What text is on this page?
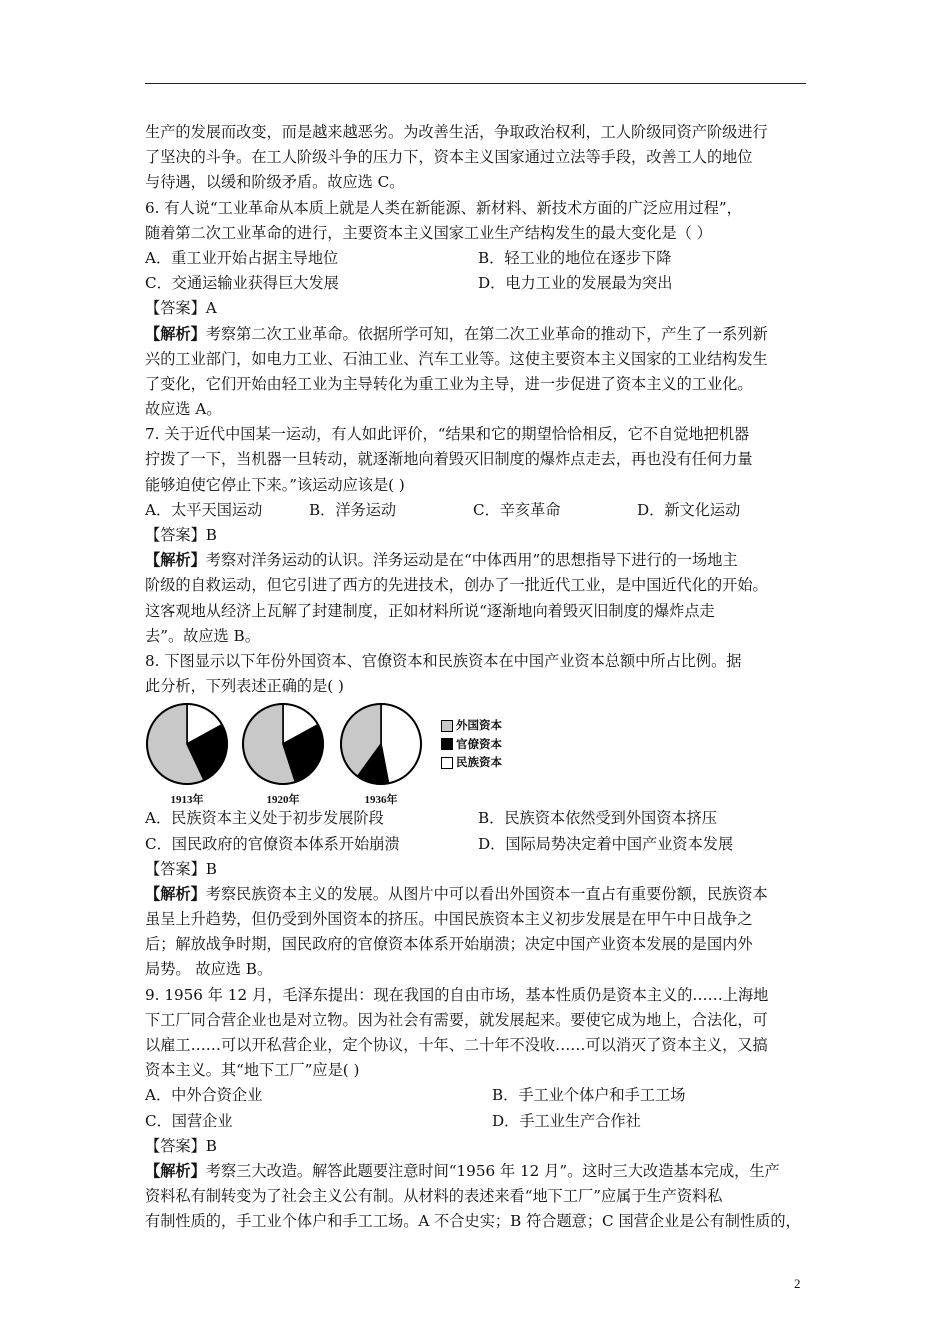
生产的发展而改变，而是越来越恶劣。为改善生活，争取政治权利，工人阶级同资产阶级进行
了坚决的斗争。在工人阶级斗争的压力下，资本主义国家通过立法等手段，改善工人的地位
与待遇，以缓和阶级矛盾。故应选 C。
6. 有人说“工业革命从本质上就是人类在新能源、新材料、新技术方面的广泛应用过程”，
随着第二次工业革命的进行，主要资本主义国家工业生产结构发生的最大变化是（ ）
A．重工业开始占据主导地位	B．轻工业的地位在逐步下降
C．交通运输业获得巨大发展	D．电力工业的发展最为突出
【答案】A
【解析】考察第二次工业革命。依据所学可知，在第二次工业革命的推动下，产生了一系列新
兴的工业部门，如电力工业、石油工业、汽车工业等。这使主要资本主义国家的工业结构发生
了变化，它们开始由轻工业为主导转化为重工业为主导，进一步促进了资本主义的工业化。
故应选 A。
7. 关于近代中国某一运动，有人如此评价，“结果和它的期望恰恰相反，它不自觉地把机器
拧拨了一下，当机器一旦转动，就逐渐地向着毁灭旧制度的爆炸点走去，再也没有任何力量
能够迫使它停止下来。”该运动应该是( )
A．太平天国运动	B．洋务运动	C．辛亥革命	D．新文化运动
【答案】B
【解析】考察对洋务运动的认识。洋务运动是在“中体西用”的思想指导下进行的一场地主
阶级的自救运动，但它引进了西方的先进技术，创办了一批近代工业，是中国近代化的开始。
这客观地从经济上瓦解了封建制度，正如材料所说“逐渐地向着毁灭旧制度的爆炸点走
去”。故应选 B。
8. 下图显示以下年份外国资本、官僚资本和民族资本在中国产业资本总额中所占比例。据
此分析，下列表述正确的是( )
1913年	1920年	1936年
外国资本
官僚资本
民族资本
A．民族资本主义处于初步发展阶段	B．民族资本依然受到外国资本挤压
C．国民政府的官僚资本体系开始崩溃	D．国际局势决定着中国产业资本发展
【答案】B
【解析】考察民族资本主义的发展。从图片中可以看出外国资本一直占有重要份额，民族资本
虽呈上升趋势，但仍受到外国资本的挤压。中国民族资本主义初步发展是在甲午中日战争之
后；解放战争时期，国民政府的官僚资本体系开始崩溃；决定中国产业资本发展的是国内外
局势。 故应选 B。
9. 1956 年 12 月，毛泽东提出：现在我国的自由市场，基本性质仍是资本主义的……上海地
下工厂同合营企业也是对立物。因为社会有需要，就发展起来。要使它成为地上，合法化，可
以雇工……可以开私营企业，定个协议，十年、二十年不没收……可以消灭了资本主义，又搞
资本主义。其“地下工厂”应是( )
A．中外合资企业	B．手工业个体户和手工工场
C．国营企业	D．手工业生产合作社
【答案】B
【解析】考察三大改造。解答此题要注意时间“1956 年 12 月”。这时三大改造基本完成，生产
资料私有制转变为了社会主义公有制。从材料的表述来看“地下工厂”应属于生产资料私
有制性质的，手工业个体户和手工工场。A 不合史实；B 符合题意；C 国营企业是公有制性质的，
2
